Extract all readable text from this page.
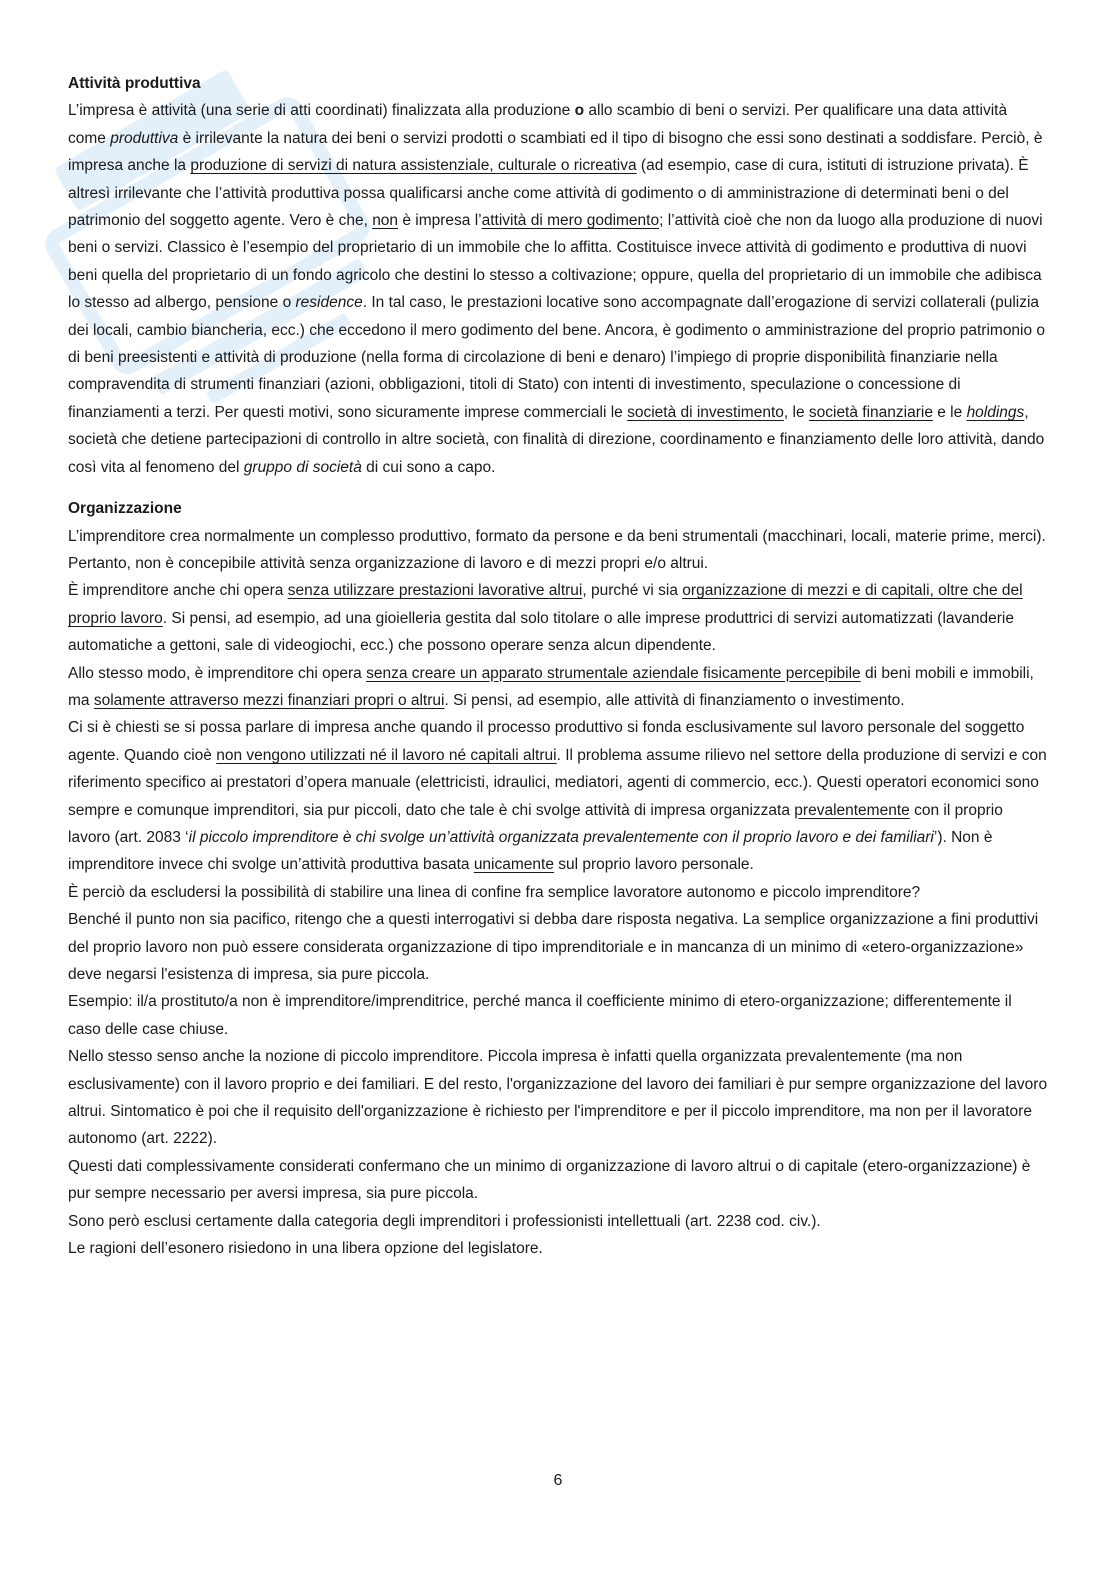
Attività produttiva

L’impresa è attività (una serie di atti coordinati) finalizzata alla produzione o allo scambio di beni o servizi. Per qualificare una data attività come produttiva è irrilevante la natura dei beni o servizi prodotti o scambiati ed il tipo di bisogno che essi sono destinati a soddisfare. Perciò, è impresa anche la produzione di servizi di natura assistenziale, culturale o ricreativa (ad esempio, case di cura, istituti di istruzione privata). È altresì irrilevante che l’attività produttiva possa qualificarsi anche come attività di godimento o di amministrazione di determinati beni o del patrimonio del soggetto agente. Vero è che, non è impresa l’attività di mero godimento; l’attività cioè che non da luogo alla produzione di nuovi beni o servizi. Classico è l’esempio del proprietario di un immobile che lo affitta. Costituisce invece attività di godimento e produttiva di nuovi beni quella del proprietario di un fondo agricolo che destini lo stesso a coltivazione; oppure, quella del proprietario di un immobile che adibisca lo stesso ad albergo, pensione o residence. In tal caso, le prestazioni locative sono accompagnate dall’erogazione di servizi collaterali (pulizia dei locali, cambio biancheria, ecc.) che eccedono il mero godimento del bene. Ancora, è godimento o amministrazione del proprio patrimonio o di beni preesistenti e attività di produzione (nella forma di circolazione di beni e denaro) l’impiego di proprie disponibilità finanziarie nella compravendita di strumenti finanziari (azioni, obbligazioni, titoli di Stato) con intenti di investimento, speculazione o concessione di finanziamenti a terzi. Per questi motivi, sono sicuramente imprese commerciali le società di investimento, le società finanziarie e le holdings, società che detiene partecipazioni di controllo in altre società, con finalità di direzione, coordinamento e finanziamento delle loro attività, dando così vita al fenomeno del gruppo di società di cui sono a capo.

Organizzazione

L’imprenditore crea normalmente un complesso produttivo, formato da persone e da beni strumentali (macchinari, locali, materie prime, merci). Pertanto, non è concepibile attività senza organizzazione di lavoro e di mezzi propri e/o altrui.

È imprenditore anche chi opera senza utilizzare prestazioni lavorative altrui, purché vi sia organizzazione di mezzi e di capitali, oltre che del proprio lavoro. Si pensi, ad esempio, ad una gioielleria gestita dal solo titolare o alle imprese produttrici di servizi automatizzati (lavanderie automatiche a gettoni, sale di videogiochi, ecc.) che possono operare senza alcun dipendente.

Allo stesso modo, è imprenditore chi opera senza creare un apparato strumentale aziendale fisicamente percepibile di beni mobili e immobili, ma solamente attraverso mezzi finanziari propri o altrui. Si pensi, ad esempio, alle attività di finanziamento o investimento.

Ci si è chiesti se si possa parlare di impresa anche quando il processo produttivo si fonda esclusivamente sul lavoro personale del soggetto agente. Quando cioè non vengono utilizzati né il lavoro né capitali altrui. Il problema assume rilievo nel settore della produzione di servizi e con riferimento specifico ai prestatori d’opera manuale (elettricisti, idraulici, mediatori, agenti di commercio, ecc.). Questi operatori economici sono sempre e comunque imprenditori, sia pur piccoli, dato che tale è chi svolge attività di impresa organizzata prevalentemente con il proprio lavoro (art. 2083 ‘il piccolo imprenditore è chi svolge un’attività organizzata prevalentemente con il proprio lavoro e dei familiari’). Non è imprenditore invece chi svolge un’attività produttiva basata unicamente sul proprio lavoro personale.

È perciò da escludersi la possibilità di stabilire una linea di confine fra semplice lavoratore autonomo e piccolo imprenditore?

Benché il punto non sia pacifico, ritengo che a questi interrogativi si debba dare risposta negativa. La semplice organizzazione a fini produttivi del proprio lavoro non può essere considerata organizzazione di tipo imprenditoriale e in mancanza di un minimo di «etero-organizzazione» deve negarsi l'esistenza di impresa, sia pure piccola.

Esempio: il/a prostituto/a non è imprenditore/imprenditrice, perché manca il coefficiente minimo di etero-organizzazione; differentemente il caso delle case chiuse.

Nello stesso senso anche la nozione di piccolo imprenditore. Piccola impresa è infatti quella organizzata prevalentemente (ma non esclusivamente) con il lavoro proprio e dei familiari. E del resto, l'organizzazione del lavoro dei familiari è pur sempre organizzazione del lavoro altrui. Sintomatico è poi che il requisito dell'organizzazione è richiesto per l'imprenditore e per il piccolo imprenditore, ma non per il lavoratore autonomo (art. 2222).

Questi dati complessivamente considerati confermano che un minimo di organizzazione di lavoro altrui o di capitale (etero-organizzazione) è pur sempre necessario per aversi impresa, sia pure piccola.

Sono però esclusi certamente dalla categoria degli imprenditori i professionisti intellettuali (art. 2238 cod. civ.).

Le ragioni dell’esonero risiedono in una libera opzione del legislatore.

6
